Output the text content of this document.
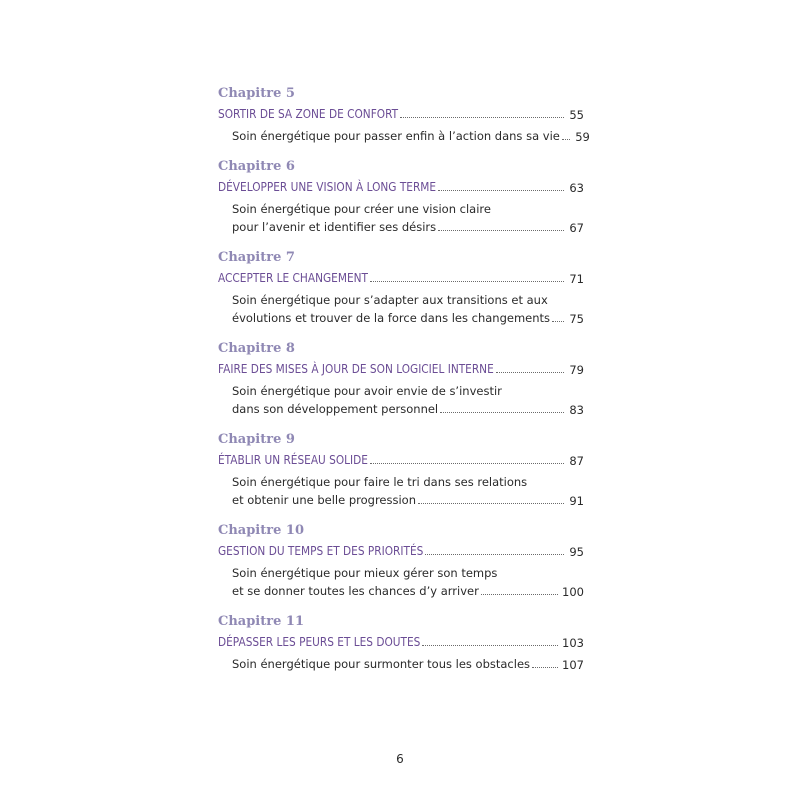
Chapitre 5
SORTIR DE SA ZONE DE CONFORT	55
Soin énergétique pour passer enfin à l’action dans sa vie 59
Chapitre 6
DÉVELOPPER UNE VISION À LONG TERME	63
Soin énergétique pour créer une vision claire
pour l’avenir et identifier ses désirs	67
Chapitre 7
ACCEPTER LE CHANGEMENT	71
Soin énergétique pour s’adapter aux transitions et aux
évolutions et trouver de la force dans les changements 75
Chapitre 8
FAIRE DES MISES À JOUR DE SON LOGICIEL INTERNE	79
Soin énergétique pour avoir envie de s’investir
dans son développement personnel	83
Chapitre 9
ÉTABLIR UN RÉSEAU SOLIDE	87
Soin énergétique pour faire le tri dans ses relations
et obtenir une belle progression	91
Chapitre 10
GESTION DU TEMPS ET DES PRIORITÉS	95
Soin énergétique pour mieux gérer son temps
et se donner toutes les chances d’y arriver	100
Chapitre 11
DÉPASSER LES PEURS ET LES DOUTES	103
Soin énergétique pour surmonter tous les obstacles	107
6
